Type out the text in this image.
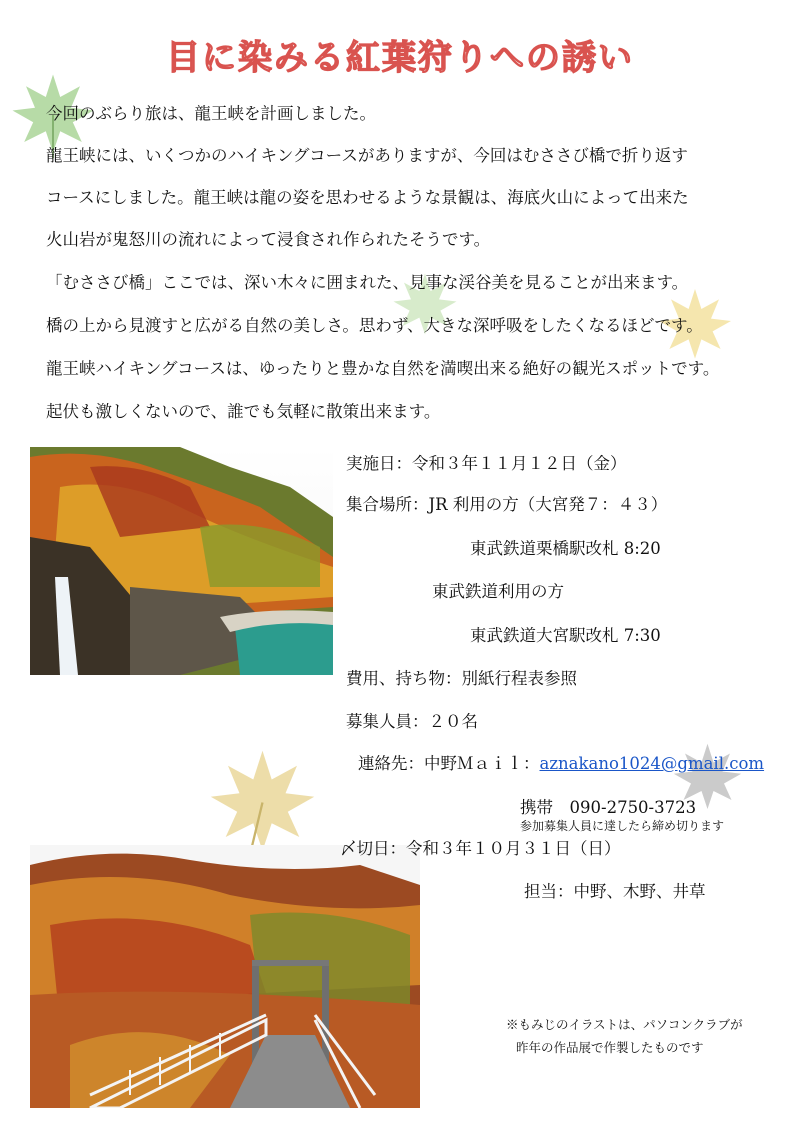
目に染みる紅葉狩りへの誘い
今回のぶらり旅は、龍王峡を計画しました。
龍王峡には、いくつかのハイキングコースがありますが、今回はむささび橋で折り返す
コースにしました。龍王峡は龍の姿を思わせるような景観は、海底火山によって出来た
火山岩が鬼怒川の流れによって浸食され作られたそうです。
「むささび橋」ここでは、深い木々に囲まれた、見事な渓谷美を見ることが出来ます。
橋の上から見渡すと広がる自然の美しさ。思わず、大きな深呼吸をしたくなるほどです。
龍王峡ハイキングコースは、ゆったりと豊かな自然を満喫出来る絶好の観光スポットです。
起伏も激しくないので、誰でも気軽に散策出来ます。
実施日：令和３年１１月１２日（金）
集合場所：JR 利用の方（大宮発７：４３）
東武鉄道栗橋駅改札 8:20
東武鉄道利用の方
東武鉄道大宮駅改札 7:30
費用、持ち物：別紙行程表参照
募集人員：２０名
連絡先：中野Ｍａｉｌ：aznakano1024@gmail.com
携帯　090-2750-3723
参加募集人員に達したら締め切ります
〆切日：令和３年１０月３１日（日）
担当：中野、木野、井草
※もみじのイラストは、パソコンクラブが
昨年の作品展で作製したものです
